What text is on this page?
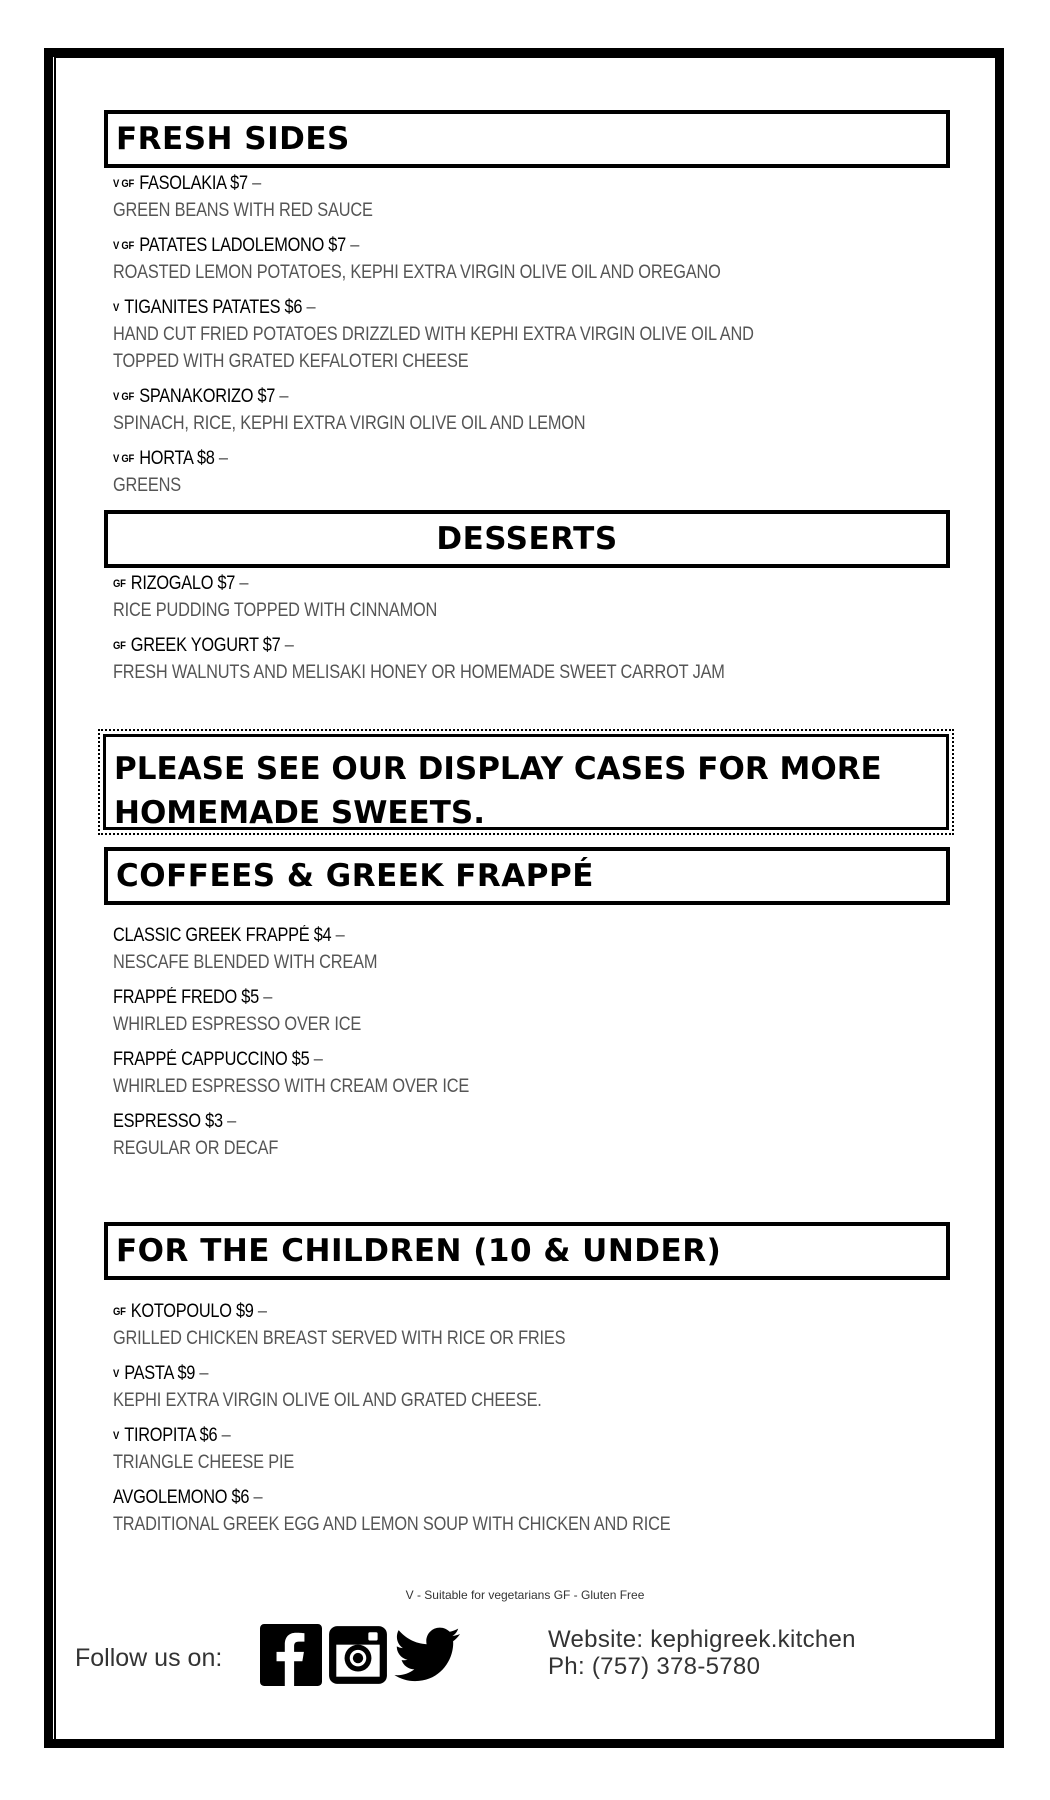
FRESH SIDES
V GF FASOLAKIA $7 –
GREEN BEANS WITH RED SAUCE
V GF PATATES LADOLEMONO $7 –
ROASTED LEMON POTATOES, KEPHI EXTRA VIRGIN OLIVE OIL AND OREGANO
V TIGANITES PATATES $6 –
HAND CUT FRIED POTATOES DRIZZLED WITH KEPHI EXTRA VIRGIN OLIVE OIL AND
TOPPED WITH GRATED KEFALOTERI CHEESE
V GF SPANAKORIZO $7 –
SPINACH, RICE, KEPHI EXTRA VIRGIN OLIVE OIL AND LEMON
V GF HORTA $8 –
GREENS
DESSERTS
GF RIZOGALO $7 –
RICE PUDDING TOPPED WITH CINNAMON
GF GREEK YOGURT $7 –
FRESH WALNUTS AND MELISAKI HONEY OR HOMEMADE SWEET CARROT JAM
PLEASE SEE OUR DISPLAY CASES FOR MORE
HOMEMADE SWEETS.
COFFEES & GREEK FRAPPÉ
CLASSIC GREEK FRAPPÉ $4 –
NESCAFE BLENDED WITH CREAM
FRAPPÉ FREDO $5 –
WHIRLED ESPRESSO OVER ICE
FRAPPÉ CAPPUCCINO $5 –
WHIRLED ESPRESSO WITH CREAM OVER ICE
ESPRESSO $3 –
REGULAR OR DECAF
FOR THE CHILDREN (10 & UNDER)
GF KOTOPOULO $9 –
GRILLED CHICKEN BREAST SERVED WITH RICE OR FRIES
V PASTA $9 –
KEPHI EXTRA VIRGIN OLIVE OIL AND GRATED CHEESE.
V TIROPITA $6 –
TRIANGLE CHEESE PIE
AVGOLEMONO $6 –
TRADITIONAL GREEK EGG AND LEMON SOUP WITH CHICKEN AND RICE
V - Suitable for vegetarians GF - Gluten Free
Follow us on:
Website: kephigreek.kitchen
Ph: (757) 378-5780
